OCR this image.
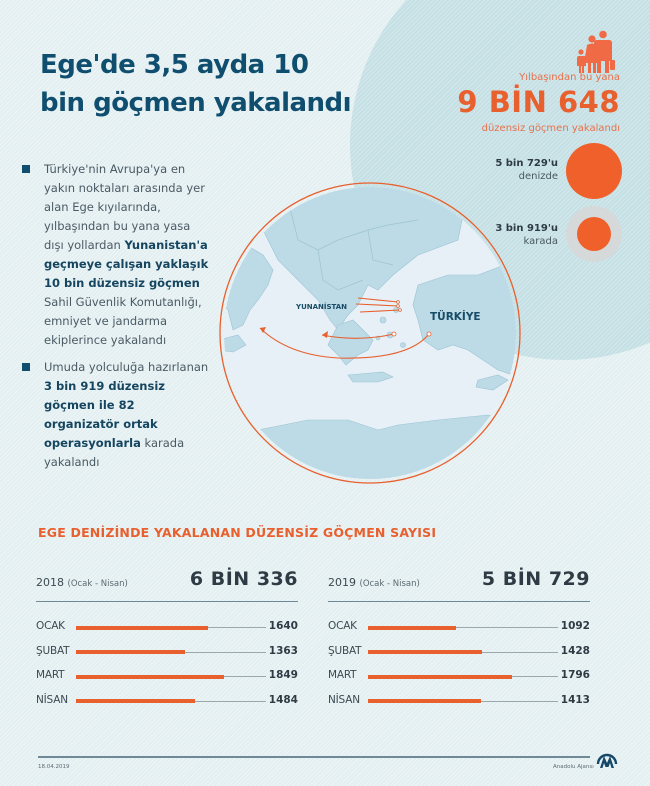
Ege'de 3,5 ayda 10 bin göçmen yakalandı
Yılbaşından bu yana
9 BİN 648
düzensiz göçmen yakalandı
5 bin 729'u
denizde
3 bin 919'u
karada

Türkiye'nin Avrupa'ya en yakın noktaları arasında yer alan Ege kıyılarında, yılbaşından bu yana yasa dışı yollardan Yunanistan'a geçmeye çalışan yaklaşık 10 bin düzensiz göçmen Sahil Güvenlik Komutanlığı, emniyet ve jandarma ekiplerince yakalandı

Umuda yolculuğa hazırlanan 3 bin 919 düzensiz göçmen ile 82 organizatör ortak operasyonlarla karada yakalandı

YUNANİSTAN
TÜRKİYE
EGE DENİZİNDE YAKALANAN DÜZENSİZ GÖÇMEN SAYISI
2018 (Ocak - Nisan)	6 BİN 336
OCAK	1640
ŞUBAT	1363
MART	1849
NİSAN	1484
2019 (Ocak - Nisan)	5 BİN 729
OCAK	1092
ŞUBAT	1428
MART	1796
NİSAN	1413
18.04.2019	Anadolu Ajansı
